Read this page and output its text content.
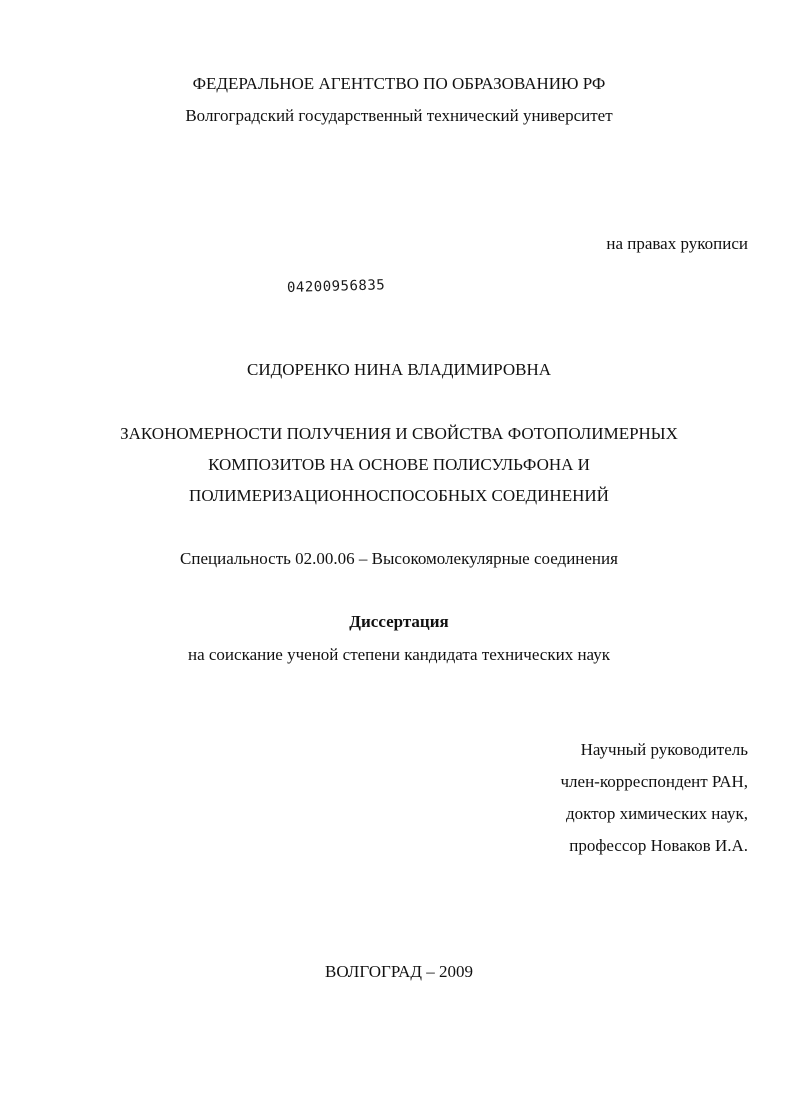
ФЕДЕРАЛЬНОЕ АГЕНТСТВО ПО ОБРАЗОВАНИЮ РФ
Волгоградский государственный технический университет
на правах рукописи
04200956835
СИДОРЕНКО НИНА ВЛАДИМИРОВНА
ЗАКОНОМЕРНОСТИ ПОЛУЧЕНИЯ И СВОЙСТВА ФОТОПОЛИМЕРНЫХ
КОМПОЗИТОВ НА ОСНОВЕ ПОЛИСУЛЬФОНА И
ПОЛИМЕРИЗАЦИОННОСПОСОБНЫХ СОЕДИНЕНИЙ
Специальность 02.00.06 – Высокомолекулярные соединения
Диссертация
на соискание ученой степени кандидата технических наук
Научный руководитель
член-корреспондент РАН,
доктор химических наук,
профессор Новаков И.А.
ВОЛГОГРАД – 2009
